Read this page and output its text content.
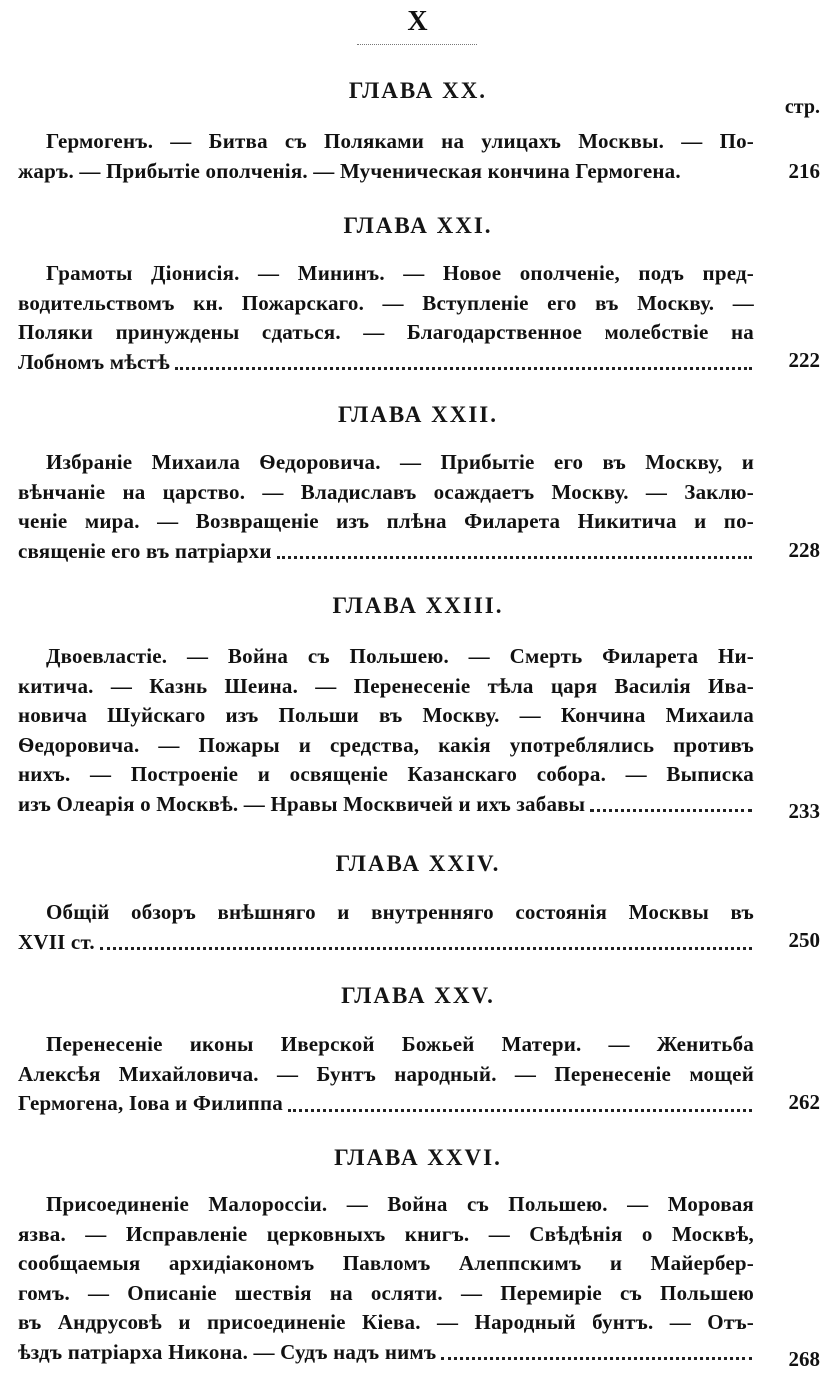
X
стр.
ГЛАВА XX.
Гермогенъ. — Битва съ Поляками на улицахъ Москвы. — По-
жаръ. — Прибытіе ополченія. — Мученическая кончина Гермогена.	216
ГЛАВА XXI.
Грамоты Діонисія. — Мининъ. — Новое ополченіе, подъ пред-
водительствомъ кн. Пожарскаго. — Вступленіе его въ Москву. —
Поляки принуждены сдаться. — Благодарственное молебствіе на
Лобномъ мѣстѣ	222
ГЛАВА XXII.
Избраніе Михаила Ѳедоровича. — Прибытіе его въ Москву, и
вѣнчаніе на царство. — Владиславъ осаждаетъ Москву. — Заклю-
ченіе мира. — Возвращеніе изъ плѣна Филарета Никитича и по-
священіе его въ патріархи	228
ГЛАВА XXIII.
Двоевластіе. — Война съ Польшею. — Смерть Филарета Ни-
китича. — Казнь Шеина. — Перенесеніе тѣла царя Василія Ива-
новича Шуйскаго изъ Польши въ Москву. — Кончина Михаила
Ѳедоровича. — Пожары и средства, какія употреблялись противъ
нихъ. — Построеніе и освященіе Казанскаго собора. — Выписка
изъ Олеарія о Москвѣ. — Нравы Москвичей и ихъ забавы	233
ГЛАВА XXIV.
Общій обзоръ внѣшняго и внутренняго состоянія Москвы въ
XVII ст.	250
ГЛАВА XXV.
Перенесеніе иконы Иверской Божьей Матери. — Женитьба
Алексѣя Михайловича. — Бунтъ народный. — Перенесеніе мощей
Гермогена, Іова и Филиппа	262
ГЛАВА XXVI.
Присоединеніе Малороссіи. — Война съ Польшею. — Моровая
язва. — Исправленіе церковныхъ книгъ. — Свѣдѣнія о Москвѣ,
сообщаемыя архидіакономъ Павломъ Алеппскимъ и Майербер-
гомъ. — Описаніе шествія на осляти. — Перемиріе съ Польшею
въ Андрусовѣ и присоединеніе Кіева. — Народный бунтъ. — Отъ-
ѣздъ патріарха Никона. — Судъ надъ нимъ	268
